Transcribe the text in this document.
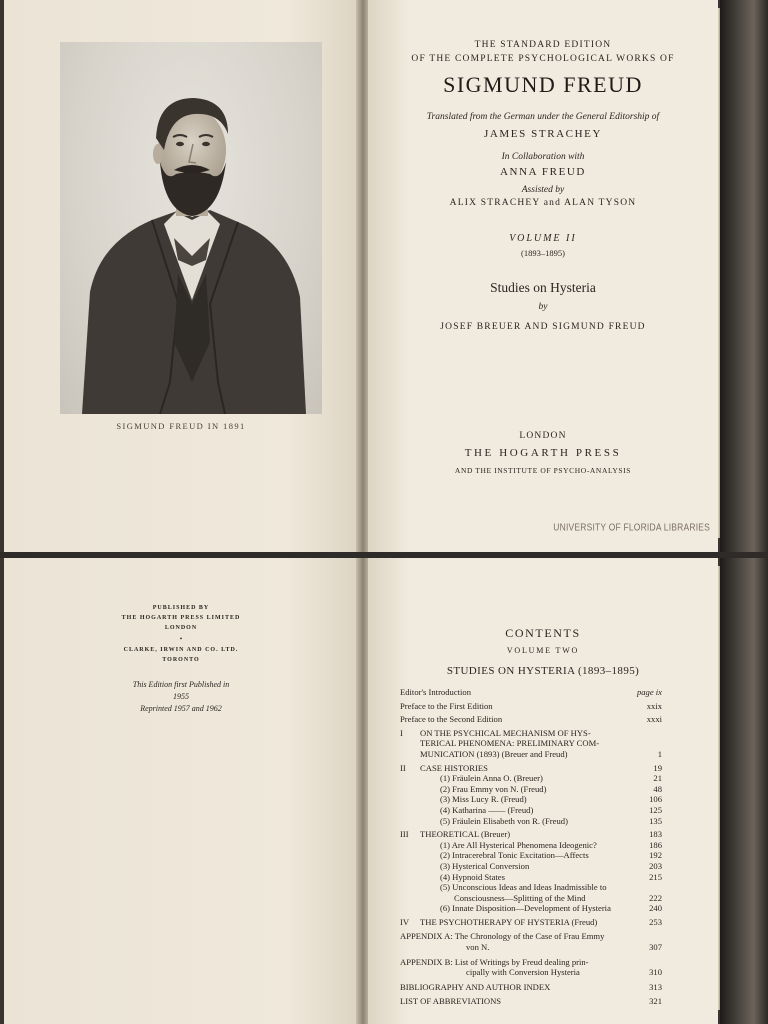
SIGMUND FREUD IN 1891
THE STANDARD EDITION
OF THE COMPLETE PSYCHOLOGICAL WORKS OF
SIGMUND FREUD
Translated from the German under the General Editorship of
JAMES STRACHEY
In Collaboration with
ANNA FREUD
Assisted by
ALIX STRACHEY and ALAN TYSON
VOLUME II
(1893–1895)
Studies on Hysteria
by
JOSEF BREUER AND SIGMUND FREUD
LONDON
THE HOGARTH PRESS
AND THE INSTITUTE OF PSYCHO-ANALYSIS
UNIVERSITY OF FLORIDA LIBRARIES
PUBLISHED BY
THE HOGARTH PRESS LIMITED
LONDON
•
CLARKE, IRWIN AND CO. LTD.
TORONTO
This Edition first Published in
1955
Reprinted 1957 and 1962
CONTENTS
VOLUME TWO
STUDIES ON HYSTERIA (1893–1895)
Editor's Introduction	page ix
Preface to the First Edition	xxix
Preface to the Second Edition	xxxi
I	ON THE PSYCHICAL MECHANISM OF HYS-
TERICAL PHENOMENA: PRELIMINARY COM-
MUNICATION (1893) (Breuer and Freud)	1
II	CASE HISTORIES	19
(1) Fräulein Anna O. (Breuer)	21
(2) Frau Emmy von N. (Freud)	48
(3) Miss Lucy R. (Freud)	106
(4) Katharina —— (Freud)	125
(5) Fräulein Elisabeth von R. (Freud)	135
III	THEORETICAL (Breuer)	183
(1) Are All Hysterical Phenomena Ideogenic?	186
(2) Intracerebral Tonic Excitation—Affects	192
(3) Hysterical Conversion	203
(4) Hypnoid States	215
(5) Unconscious Ideas and Ideas Inadmissible to
Consciousness—Splitting of the Mind	222
(6) Innate Disposition—Development of Hysteria	240
IV	THE PSYCHOTHERAPY OF HYSTERIA (Freud)	253
APPENDIX A: The Chronology of the Case of Frau Emmy
von N.	307
APPENDIX B: List of Writings by Freud dealing prin-
cipally with Conversion Hysteria	310
BIBLIOGRAPHY AND AUTHOR INDEX	313
LIST OF ABBREVIATIONS	321
